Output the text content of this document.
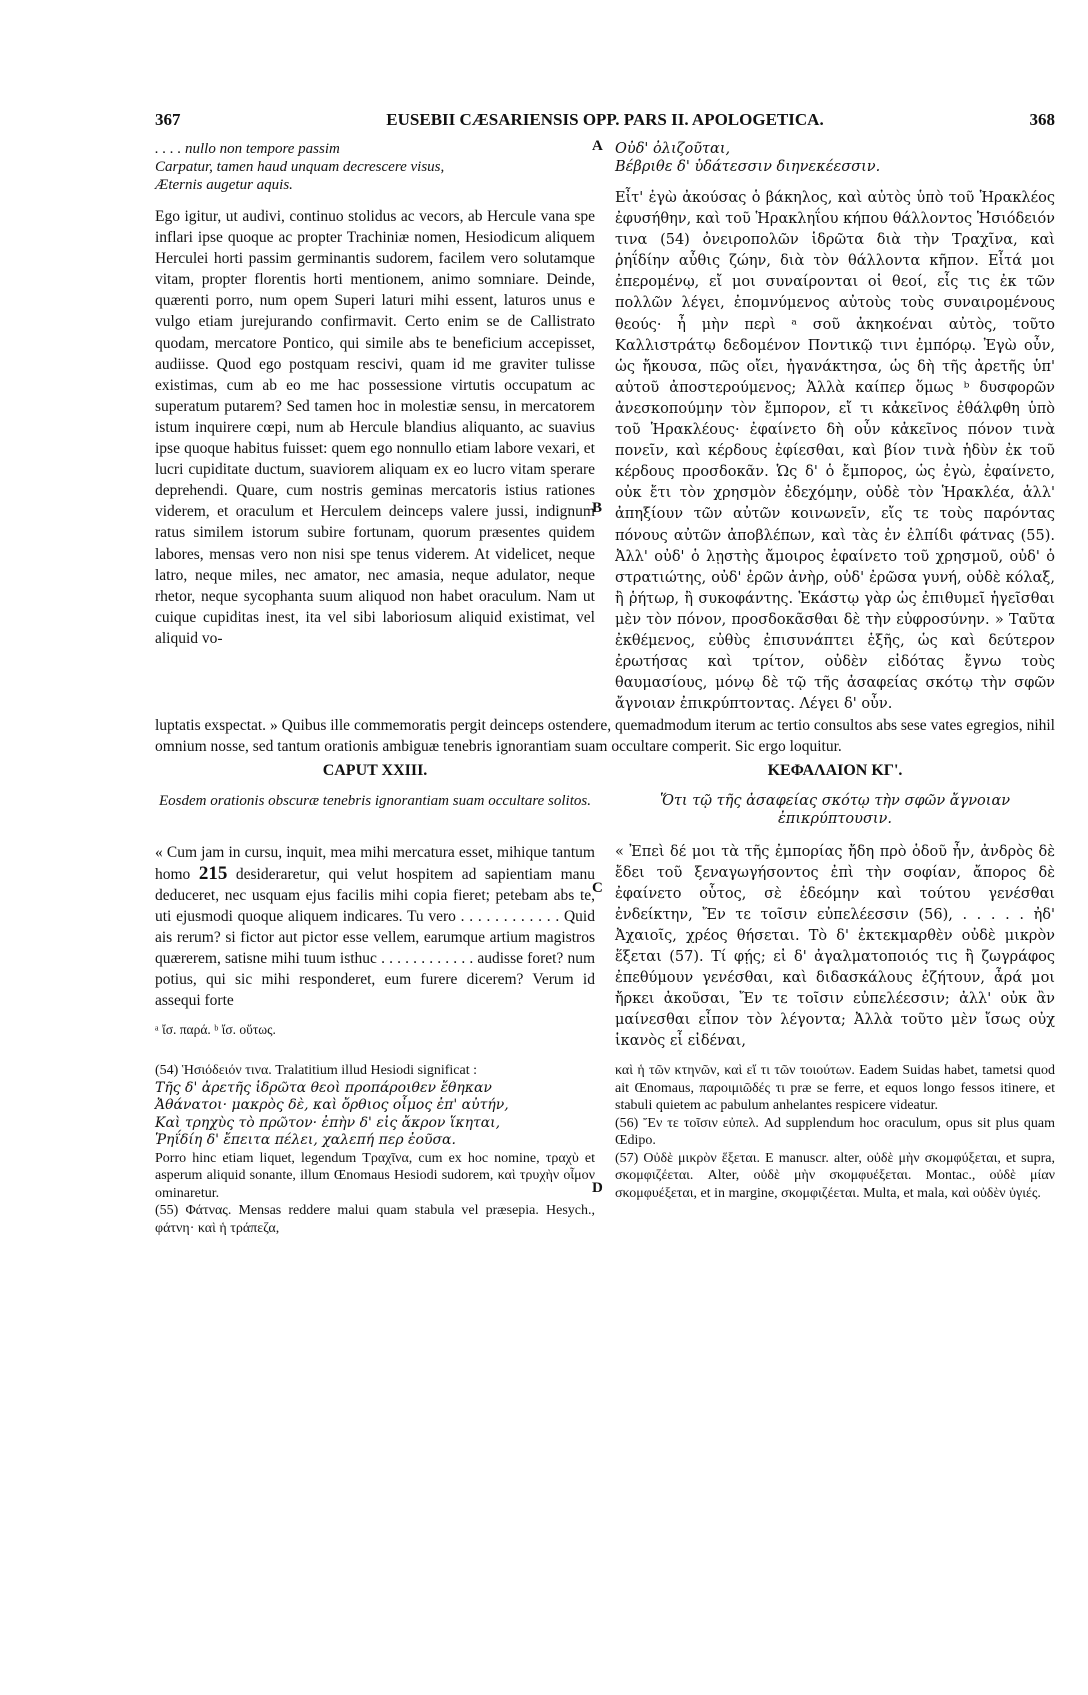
367	EUSEBII CÆSARIENSIS OPP. PARS II. APOLOGETICA.	368
. . . . nullo non tempore passim
Carpatur, tamen haud unquam decrescere visus,
Æternis augetur aquis.

Ego igitur, ut audivi, continuo stolidus ac vecors, ab Hercule vana spe inflari ipse quoque ac propter Trachiniæ nomen, Hesiodicum aliquem Herculei horti passim germinantis sudorem, facilem vero solutamque vitam, propter florentis horti mentionem, animo somniare. Deinde, quærenti porro, num opem Superi laturi mihi essent, laturos unus e vulgo etiam jurejurando confirmavit. Certo enim se de Callistrato quodam, mercatore Pontico, qui simile abs te beneficium accepisset, audiisse. Quod ego postquam rescivi, quam id me graviter tulisse existimas, cum ab eo me hac possessione virtutis occupatum ac superatum putarem? Sed tamen hoc in molestiæ sensu, in mercatorem istum inquirere cœpi, num ab Hercule blandius aliquanto, ac suavius ipse quoque habitus fuisset: quem ego nonnullo etiam labore vexari, et lucri cupiditate ductum, suaviorem aliquam ex eo lucro vitam sperare deprehendi. Quare, cum nostris geminas mercatoris istius rationes viderem, et oraculum et Herculem deinceps valere jussi, indignum ratus similem istorum subire fortunam, quorum præsentes quidem labores, mensas vero non nisi spe tenus viderem. At videlicet, neque latro, neque miles, nec amator, nec amasia, neque adulator, neque rhetor, neque sycophanta suum aliquod non habet oraculum. Nam ut cuique cupiditas inest, ita vel sibi laboriosum aliquid existimat, vel aliquid vo-

Οὐδ' ὀλιζοῦται,
Βέβριθε δ' ὑδάτεσσιν διηνεκέεσσιν.

Εἶτ' ἐγὼ ἀκούσας ὁ βάκηλος, καὶ αὐτὸς ὑπὸ τοῦ Ἡρακλέος ἐφυσήθην, καὶ τοῦ Ἡρακληΐου κήπου θάλλοντος Ἡσιόδειόν τινα (54) ὀνειροπολῶν ἱδρῶτα διὰ τὴν Τραχῖνα, καὶ ῥηΐδίην αὖθις ζώην, διὰ τὸν θάλλοντα κῆπον. Εἶτά μοι ἐπερομένῳ, εἴ μοι συναίρονται οἱ θεοί, εἷς τις ἐκ τῶν πολλῶν λέγει, ἐπομνύμενος αὐτοὺς τοὺς συναιρομένους θεούς· ἦ μὴν περὶ ᵃ σοῦ ἀκηκοέναι αὐτὸς, τοῦτο Καλλιστράτῳ δεδομένον Ποντικῷ τινι ἐμπόρῳ. Ἐγὼ οὖν, ὡς ἤκουσα, πῶς οἴει, ἠγανάκτησα, ὡς δὴ τῆς ἀρετῆς ὑπ' αὐτοῦ ἀποστερούμενος; Ἀλλὰ καίπερ ὅμως ᵇ δυσφορῶν ἀνεσκοπούμην τὸν ἔμπορον, εἴ τι κἀκεῖνος ἐθάλφθη ὑπὸ τοῦ Ἡρακλέους· ἐφαίνετο δὴ οὖν κἀκεῖνος πόνον τινὰ πονεῖν, καὶ κέρδους ἐφίεσθαι, καὶ βίον τινὰ ἡδὺν ἐκ τοῦ κέρδους προσδοκᾶν. Ὡς δ' ὁ ἔμπορος, ὡς ἐγὼ, ἐφαίνετο, οὐκ ἔτι τὸν χρησμὸν ἐδεχόμην, οὐδὲ τὸν Ἡρακλέα, ἀλλ' ἀπηξίουν τῶν αὐτῶν κοινωνεῖν, εἴς τε τοὺς παρόντας πόνους αὐτῶν ἀποβλέπων, καὶ τὰς ἐν ἐλπίδι φάτνας (55). Ἀλλ' οὐδ' ὁ λῃστὴς ἄμοιρος ἐφαίνετο τοῦ χρησμοῦ, οὐδ' ὁ στρατιώτης, οὐδ' ἐρῶν ἀνὴρ, οὐδ' ἐρῶσα γυνή, οὐδὲ κόλαξ, ἢ ῥήτωρ, ἢ συκοφάντης. Ἑκάστῳ γὰρ ὡς ἐπιθυμεῖ ἡγεῖσθαι μὲν τὸν πόνον, προσδοκᾶσθαι δὲ τὴν εὐφροσύνην. » Ταῦτα ἐκθέμενος, εὐθὺς ἐπισυνάπτει ἑξῆς, ὡς καὶ δεύτερον ἐρωτήσας καὶ τρίτον, οὐδὲν εἰδότας ἔγνω τοὺς θαυμασίους, μόνῳ δὲ τῷ τῆς ἀσαφείας σκότῳ τὴν σφῶν ἄγνοιαν ἐπικρύπτοντας. Λέγει δ' οὖν.

luptatis exspectat. » Quibus ille commemoratis pergit deinceps ostendere, quemadmodum iterum ac tertio consultos abs sese vates egregios, nihil omnium nosse, sed tantum orationis ambiguæ tenebris ignorantiam suam occultare comperit. Sic ergo loquitur.

CAPUT XXIII.	ΚΕΦΑΛΑΙΟΝ ΚΓ'.
Eosdem orationis obscuræ tenebris ignorantiam suam occultare solitos.	Ὅτι τῷ τῆς ἀσαφείας σκότῳ τὴν σφῶν ἄγνοιαν ἐπικρύπτουσιν.

« Cum jam in cursu, inquit, mea mihi mercatura esset, mihique tantum homo 215 desideraretur, qui velut hospitem ad sapientiam manu deduceret, nec usquam ejus facilis mihi copia fieret; petebam abs te, uti ejusmodi quoque aliquem indicares. Tu vero . . . . . . . . . . . . Quid ais rerum? si fictor aut pictor esse vellem, earumque artium magistros quærerem, satisne mihi tuum isthuc . . . . . . . . . . . . audisse foret? num potius, qui sic mihi responderet, eum furere dicerem? Verum id assequi forte

ᵃ ἴσ. παρά. ᵇ ἴσ. οὕτως.

« Ἐπεὶ δέ μοι τὰ τῆς ἐμπορίας ἤδη πρὸ ὁδοῦ ἦν, ἀνδρὸς δὲ ἔδει τοῦ ξεναγωγήσοντος ἐπὶ τὴν σοφίαν, ἄπορος δὲ ἐφαίνετο οὗτος, σὲ ἐδεόμην καὶ τούτου γενέσθαι ἐνδείκτην, Ἔν τε τοῖσιν εὐπελέεσσιν (56), . . . . . ἠδ' Ἀχαιοῖς, χρέος θήσεται. Τὸ δ' ἐκτεκμαρθὲν οὐδὲ μικρὸν ἕξεται (57). Τί φῄς; εἰ δ' ἀγαλματοποιός τις ἢ ζωγράφος ἐπεθύμουν γενέσθαι, καὶ διδασκάλους ἐζήτουν, ἆρά μοι ἤρκει ἀκοῦσαι, Ἔν τε τοῖσιν εὐπελέεσσιν; ἀλλ' οὐκ ἂν μαίνεσθαι εἶπον τὸν λέγοντα; Ἀλλὰ τοῦτο μὲν ἴσως οὐχ ἱκανὸς εἶ εἰδέναι,

(54) Ἡσιόδειόν τινα. Tralatitium illud Hesiodi significat :
Τῆς δ' ἀρετῆς ἱδρῶτα θεοὶ προπάροιθεν ἔθηκαν
Ἀθάνατοι· μακρὸς δὲ, καὶ ὄρθιος οἶμος ἐπ' αὐτήν,
Καὶ τρηχὺς τὸ πρῶτον· ἐπὴν δ' εἰς ἄκρον ἵκηται,
Ῥηΐδίη δ' ἔπειτα πέλει, χαλεπή περ ἐοῦσα.
Porro hinc etiam liquet, legendum Τραχῖνα, cum ex hoc nomine, τραχὺ et asperum aliquid sonante, illum Œnomaus Hesiodi sudorem, καὶ τρυχὴν οἶμον ominaretur.
(55) Φάτνας. Mensas reddere malui quam stabula vel præsepia. Hesych., φάτνη· καὶ ἡ τράπεζα,
καὶ ἡ τῶν κτηνῶν, καὶ εἴ τι τῶν τοιούτων. Eadem Suidas habet, tametsi quod ait Œnomaus, παροιμιῶδές τι præ se ferre, et equos longo fessos itinere, et stabuli quietem ac pabulum anhelantes respicere videatur.
(56) Ἔν τε τοῖσιν εὐπελ. Ad supplendum hoc oraculum, opus sit plus quam Œdipo.
(57) Οὐδὲ μικρὸν ἕξεται. E manuscr. alter, οὐδὲ μὴν σκομφύξεται, et supra, σκομφιζέεται. Alter, οὐδὲ μὴν σκομφυέξεται. Montac., οὐδὲ μίαν σκομφυέξεται, et in margine, σκομφιζέεται. Multa, et mala, καὶ οὐδὲν ὑγιές.
A
B
C
D
